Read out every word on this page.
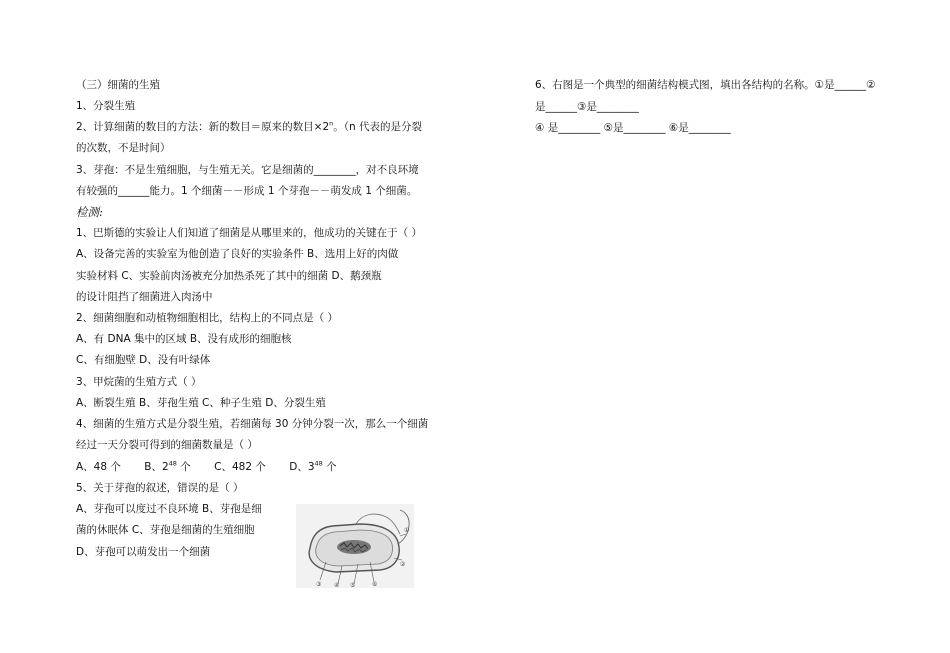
（三）细菌的生殖
1、分裂生殖
2、计算细菌的数目的方法：新的数目＝原来的数目$\times 2^n$。（n 代表的是分裂
的次数，不是时间）
3、芽孢：不是生殖细胞，与生殖无关。它是细菌的________，对不良环境
有较强的______能力。1 个细菌－－形成 1 个芽孢－－萌发成 1 个细菌。
检测:
1、巴斯德的实验让人们知道了细菌是从哪里来的，他成功的关键在于（ ）
A、设备完善的实验室为他创造了良好的实验条件 B、选用上好的肉做
实验材料 C、实验前肉汤被充分加热杀死了其中的细菌 D、鹅颈瓶
的设计阻挡了细菌进入肉汤中
2、细菌细胞和动植物细胞相比，结构上的不同点是（ ）
A、有 DNA 集中的区域 B、没有成形的细胞核
C、有细胞壁 D、没有叶绿体
3、甲烷菌的生殖方式（ ）
A、断裂生殖 B、芽孢生殖 C、种子生殖 D、分裂生殖
4、细菌的生殖方式是分裂生殖，若细菌每 30 分钟分裂一次，那么一个细菌
经过一天分裂可得到的细菌数量是（ ）
A、48 个 B、$2^{48}$ 个 C、482 个 D、$3^{48}$ 个
5、关于芽孢的叙述，错误的是（ ）
A、芽孢可以度过不良环境 B、芽孢是细
菌的休眠体 C、芽孢是细菌的生殖细胞
D、芽孢可以萌发出一个细菌
①
②
③ ④ ⑤	⑥
6、右图是一个典型的细菌结构模式图，填出各结构的名称。①是______②
是______③是________
④ 是________ ⑤是________ ⑥是________
